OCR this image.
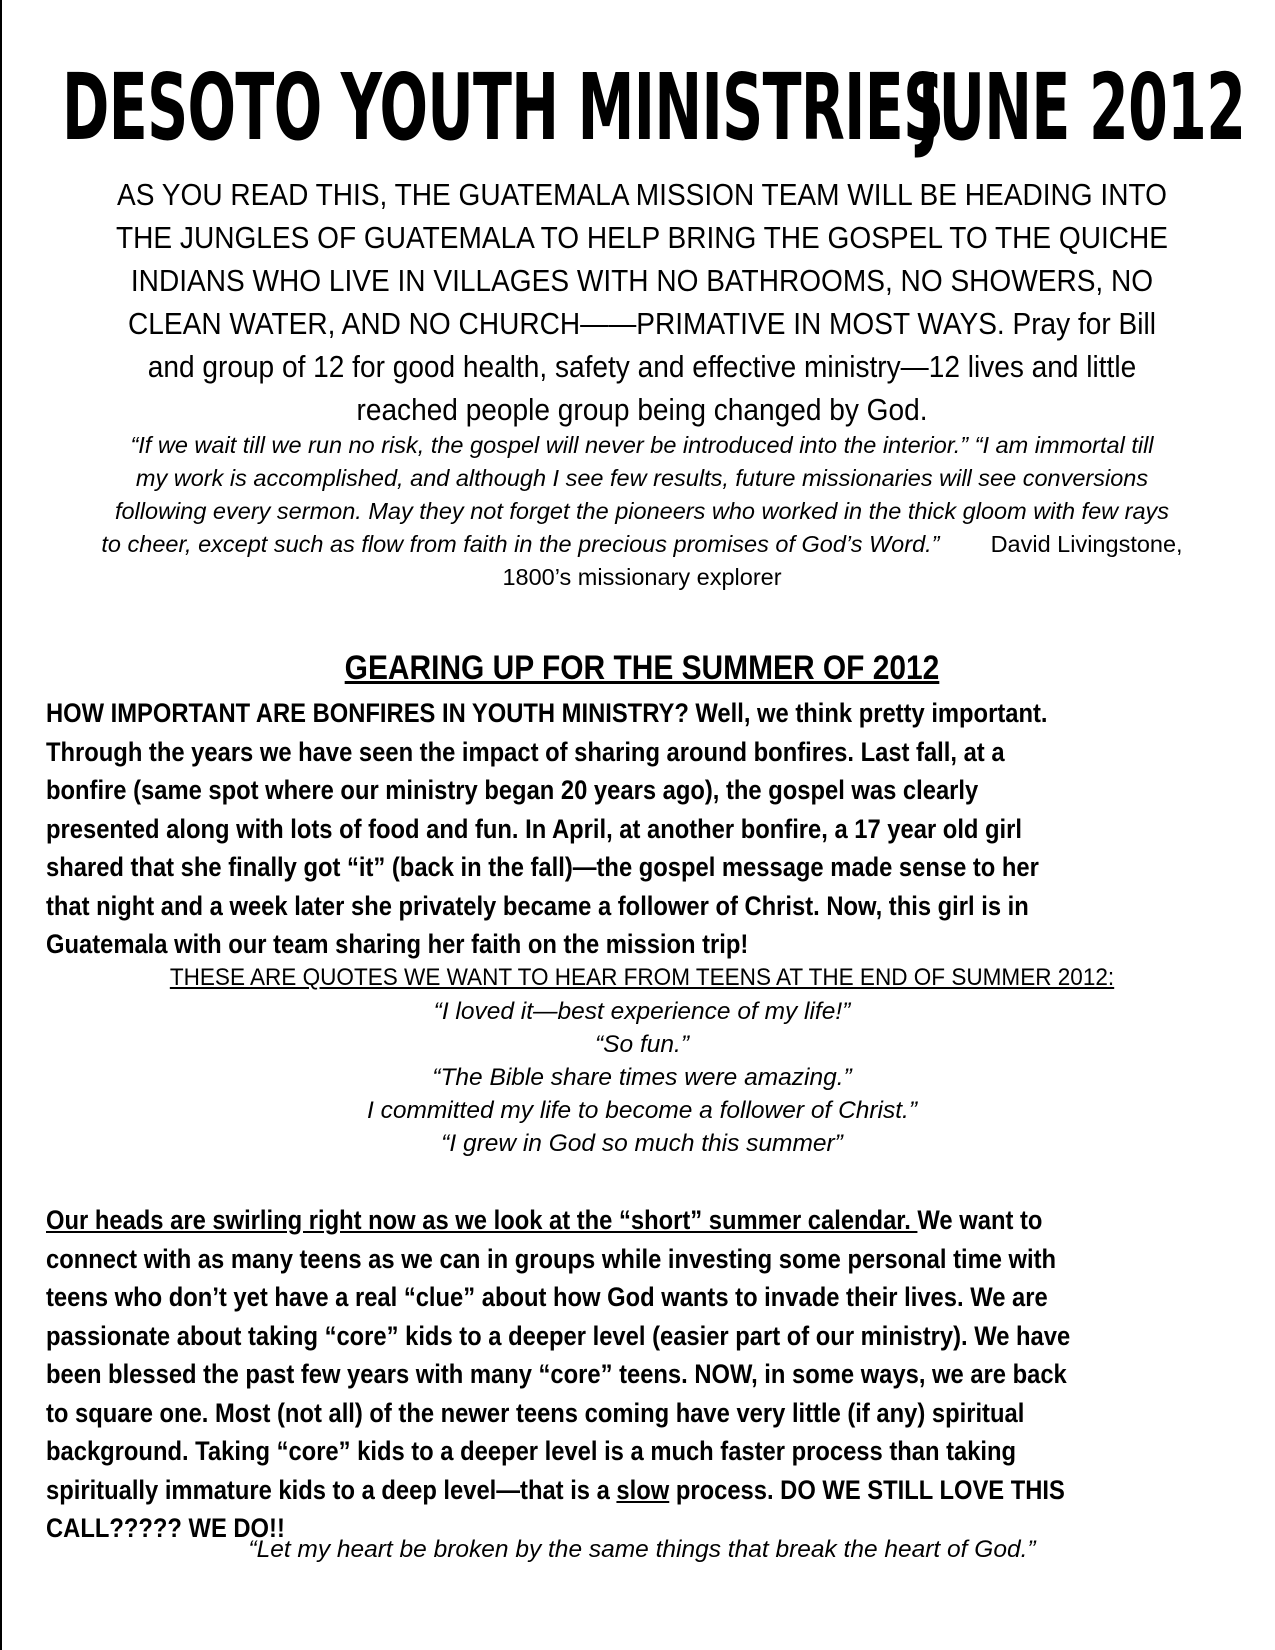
DESOTO YOUTH MINISTRIES
JUNE 2012
AS YOU READ THIS, THE GUATEMALA MISSION TEAM WILL BE HEADING INTO
THE JUNGLES OF GUATEMALA TO HELP BRING THE GOSPEL TO THE QUICHE
INDIANS WHO LIVE IN VILLAGES WITH NO BATHROOMS, NO SHOWERS, NO
CLEAN WATER, AND NO CHURCH——PRIMATIVE IN MOST WAYS. Pray for Bill
and group of 12 for good health, safety and effective ministry—12 lives and little
reached people group being changed by God.
“If we wait till we run no risk, the gospel will never be introduced into the interior.” “I am immortal till
my work is accomplished, and although I see few results, future missionaries will see conversions
following every sermon. May they not forget the pioneers who worked in the thick gloom with few rays
to cheer, except such as flow from faith in the precious promises of God’s Word.” David Livingstone,
1800’s missionary explorer
GEARING UP FOR THE SUMMER OF 2012
HOW IMPORTANT ARE BONFIRES IN YOUTH MINISTRY? Well, we think pretty important.
Through the years we have seen the impact of sharing around bonfires. Last fall, at a
bonfire (same spot where our ministry began 20 years ago), the gospel was clearly
presented along with lots of food and fun. In April, at another bonfire, a 17 year old girl
shared that she finally got “it” (back in the fall)—the gospel message made sense to her
that night and a week later she privately became a follower of Christ. Now, this girl is in
Guatemala with our team sharing her faith on the mission trip!
THESE ARE QUOTES WE WANT TO HEAR FROM TEENS AT THE END OF SUMMER 2012:
“I loved it—best experience of my life!”
“So fun.”
“The Bible share times were amazing.”
I committed my life to become a follower of Christ.”
“I grew in God so much this summer”
Our heads are swirling right now as we look at the “short” summer calendar. We want to
connect with as many teens as we can in groups while investing some personal time with
teens who don’t yet have a real “clue” about how God wants to invade their lives. We are
passionate about taking “core” kids to a deeper level (easier part of our ministry). We have
been blessed the past few years with many “core” teens. NOW, in some ways, we are back
to square one. Most (not all) of the newer teens coming have very little (if any) spiritual
background. Taking “core” kids to a deeper level is a much faster process than taking
spiritually immature kids to a deep level—that is a slow process. DO WE STILL LOVE THIS
CALL????? WE DO!!
“Let my heart be broken by the same things that break the heart of God.”
